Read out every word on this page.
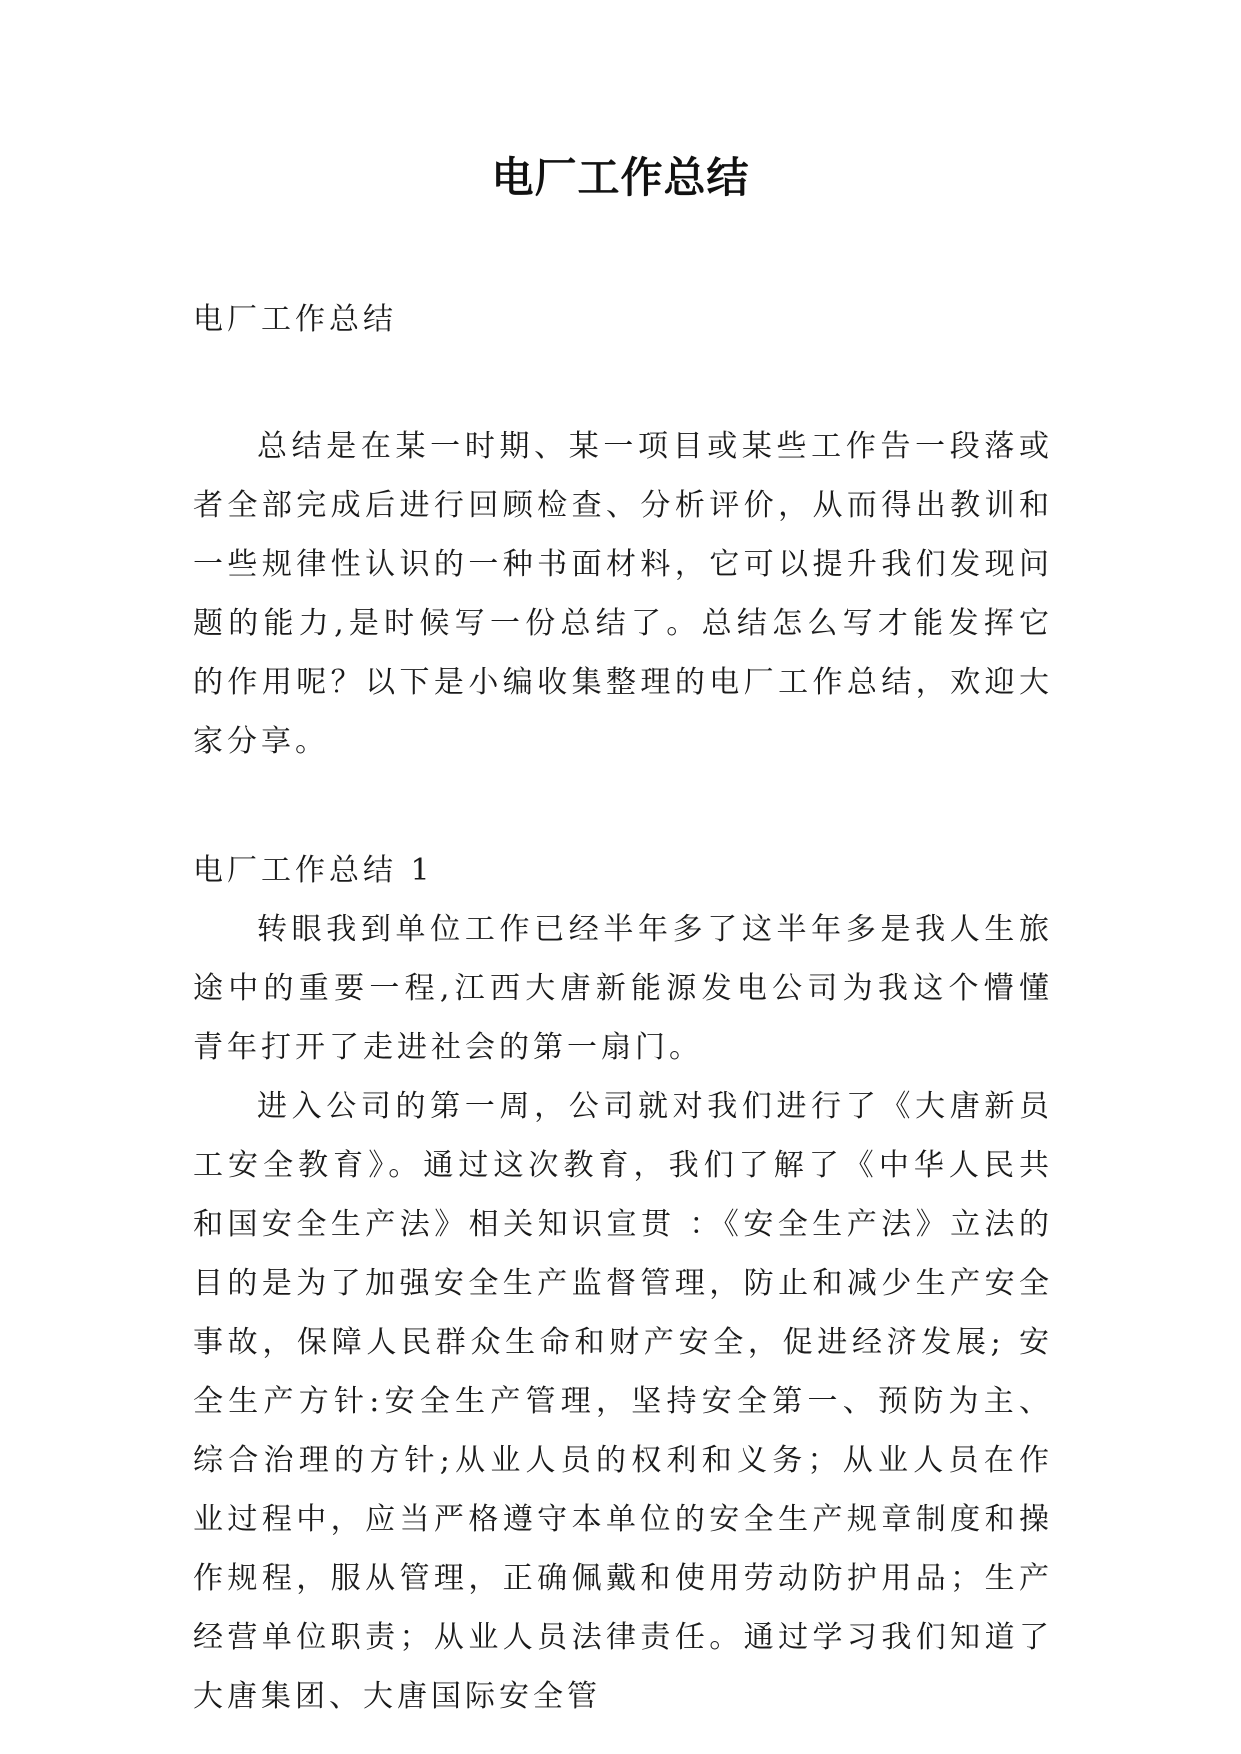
电厂工作总结

电厂工作总结

总结是在某一时期、某一项目或某些工作告一段落或者全部完成后进行回顾检查、分析评价，从而得出教训和一些规律性认识的一种书面材料，它可以提升我们发现问题的能力,是时候写一份总结了。总结怎么写才能发挥它的作用呢？以下是小编收集整理的电厂工作总结，欢迎大家分享。

电厂工作总结 1

转眼我到单位工作已经半年多了这半年多是我人生旅途中的重要一程,江西大唐新能源发电公司为我这个懵懂青年打开了走进社会的第一扇门。

进入公司的第一周，公司就对我们进行了《大唐新员工安全教育》。通过这次教育，我们了解了《中华人民共和国安全生产法》相关知识宣贯 ：《安全生产法》立法的目的是为了加强安全生产监督管理，防止和减少生产安全事故，保障人民群众生命和财产安全，促进经济发展; 安全生产方针:安全生产管理，坚持安全第一、预防为主、综合治理的方针;从业人员的权利和义务；从业人员在作业过程中，应当严格遵守本单位的安全生产规章制度和操作规程，服从管理，正确佩戴和使用劳动防护用品；生产经营单位职责；从业人员法律责任。通过学习我们知道了大唐集团、大唐国际安全管
